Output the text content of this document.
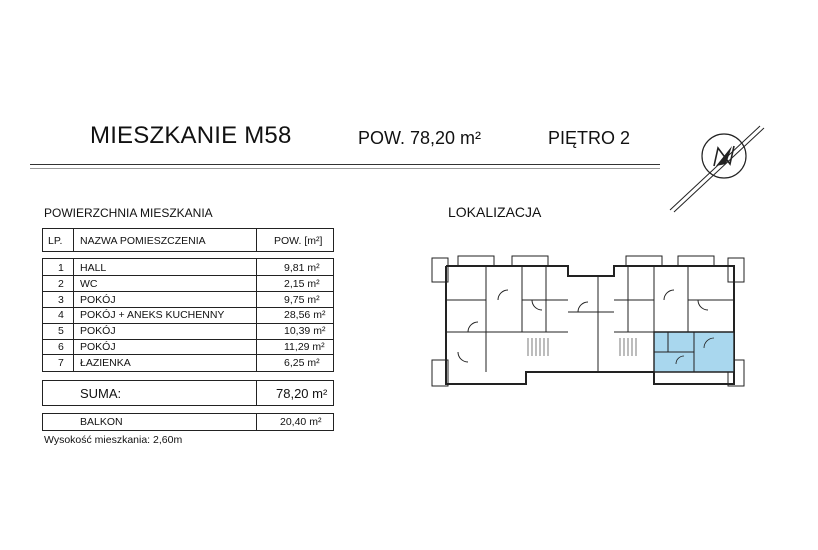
MIESZKANIE M58	POW. 78,20 m²	PIĘTRO 2
POWIERZCHNIA MIESZKANIA	LOKALIZACJA
LP. NAZWA POMIESZCZENIA	POW. [m²]
1 HALL	9,81 m²
2 WC	2,15 m²
3 POKÓJ	9,75 m²
4 POKÓJ + ANEKS KUCHENNY	28,56 m²
5 POKÓJ	10,39 m²
6 POKÓJ	11,29 m²
7 ŁAZIENKA	6,25 m²
SUMA:	78,20 m²
BALKON	20,40 m²
Wysokość mieszkania: 2,60m
